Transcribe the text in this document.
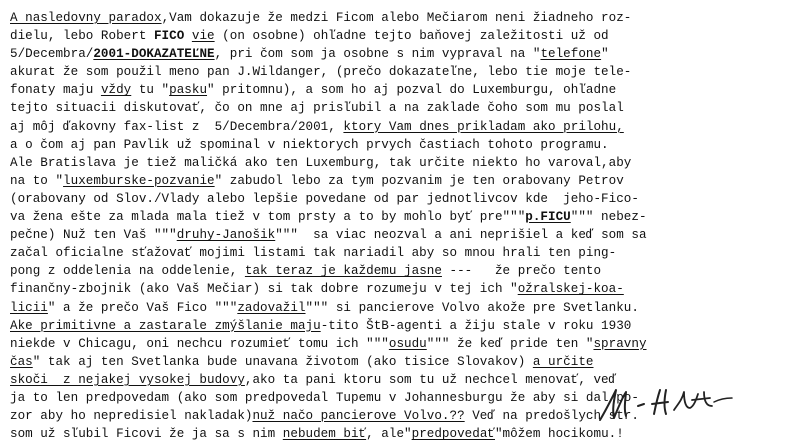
A nasledovny paradox,Vam dokazuje že medzi Ficom alebo Mečiarom neni žiadneho roz-
dielu, lebo Robert FICO vie (on osobne) ohľadne tejto baňovej zaležitosti už od
5/Decembra/2001-DOKAZATEĽNE, pri čom som ja osobne s nim vypraval na "telefone"
akurat že som použil meno pan J.Wildanger, (prečo dokazateľne, lebo tie moje tele-
fonaty maju vždy tu "pasku" pritomnu), a som ho aj pozval do Luxemburgu, ohľadne
tejto situacii diskutovať, čo on mne aj prisľubil a na zaklade čoho som mu poslal
aj môj ďakovny fax-list z  5/Decembra/2001, ktory Vam dnes prikladam ako prilohu,
a o čom aj pan Pavlik už spominal v niektorych prvych častiach tohoto programu.
Ale Bratislava je tiež maličká ako ten Luxemburg, tak určite niekto ho varoval,aby
na to "luxemburske-pozvanie" zabudol lebo za tym pozvanim je ten orabovany Petrov
(orabovany od Slov./Vlady alebo lepšie povedane od par jednotlivcov kde  jeho-Fico-
va žena ešte za mlada mala tiež v tom prsty a to by mohlo byť pre"""p.FICU""" nebez-
pečne) Nuž ten Vaš """druhy-Janošik"""  sa viac neozval a ani neprišiel a keď som sa
začal oficialne sťažovať mojimi listami tak nariadil aby so mnou hrali ten ping-
pong z oddelenia na oddelenie, tak teraz je každemu jasne ---   že prečo tento
finančny-zbojnik (ako Vaš Mečiar) si tak dobre rozumeju v tej ich "ožralskej-koa-
licii" a že prečo Vaš Fico """zadovažil""" si pancierove Volvo akože pre Svetlanku.
Ake primitivne a zastarale zmýšlanie maju-tito ŠtB-agenti a žiju stale v roku 1930
niekde v Chicagu, oni nechcu rozumieť tomu ich """osudu""" že keď pride ten "spravny
čas" tak aj ten Svetlanka bude unavana životom (ako tisice Slovakov) a určite
skoči  z nejakej vysokej budovy,ako ta pani ktoru som tu už nechcel menovať, veď
ja to len predpovedam (ako som predpovedal Tupemu v Johannesburgu že aby si dal po-
zor aby ho nepredisiel nakladak)nuž načo pancierove Volvo.?? Veď na predošlych str.
som už sľubil Ficovi že ja sa s nim nebudem biť, ale"predpovedať"môžem hocikomu.!
